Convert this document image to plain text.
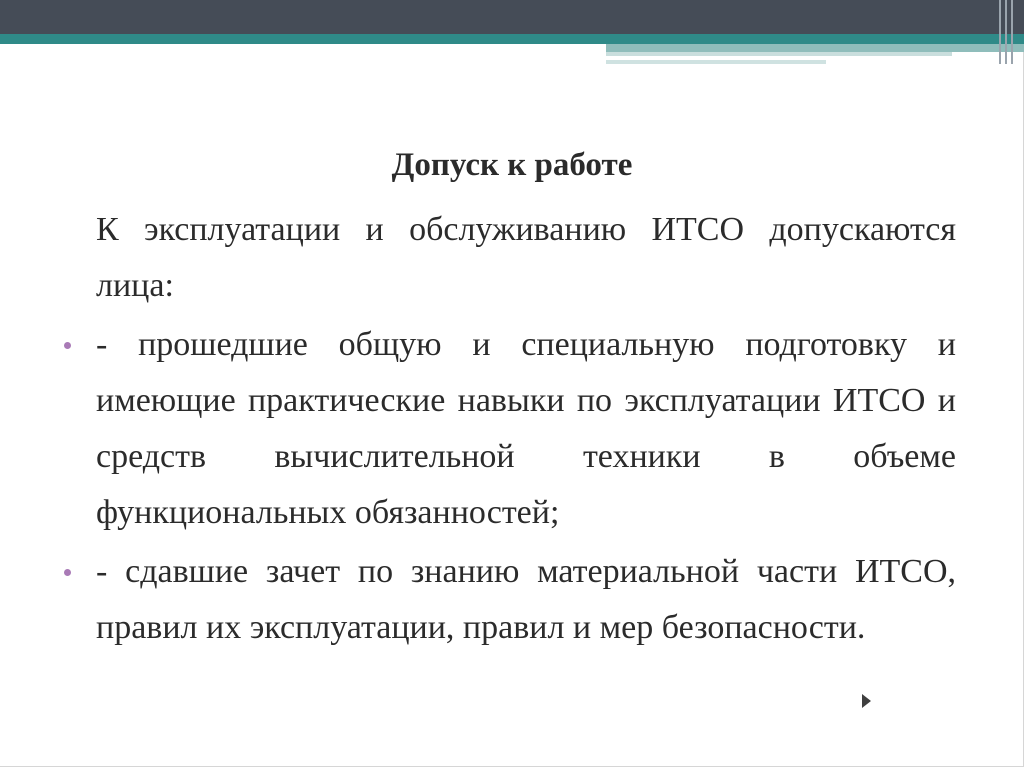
Допуск к работе

К эксплуатации и обслуживанию ИТСО допускаются лица:

- прошедшие общую и специальную подготовку и имеющие практические навыки по эксплуатации ИТСО и средств вычислительной техники в объеме функциональных обязанностей;
- сдавшие зачет по знанию материальной части ИТСО, правил их эксплуатации, правил и мер безопасности.
